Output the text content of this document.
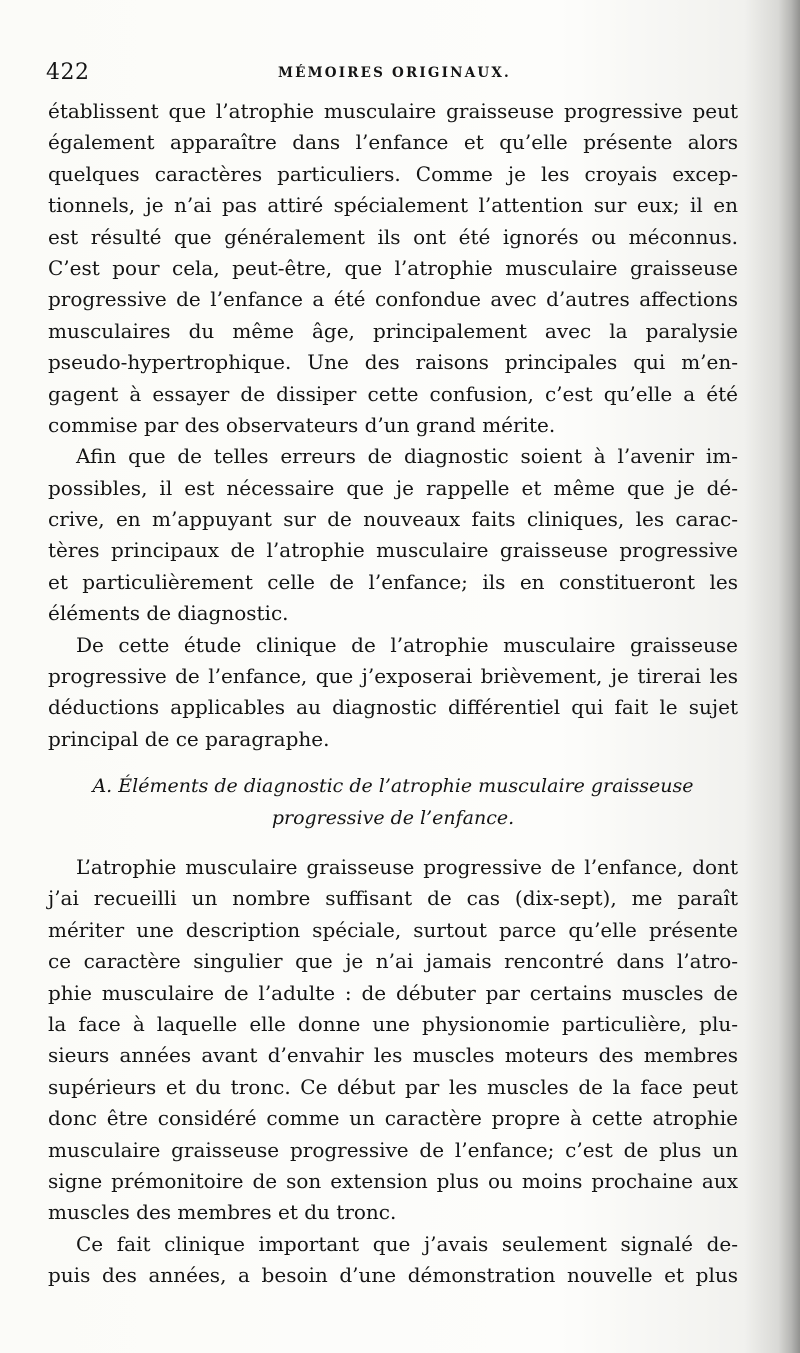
422	MÉMOIRES ORIGINAUX.
établissent que l’atrophie musculaire graisseuse progressive peut
également apparaître dans l’enfance et qu’elle présente alors
quelques caractères particuliers. Comme je les croyais excep-
tionnels, je n’ai pas attiré spécialement l’attention sur eux; il en
est résulté que généralement ils ont été ignorés ou méconnus.
C’est pour cela, peut-être, que l’atrophie musculaire graisseuse
progressive de l’enfance a été confondue avec d’autres affections
musculaires du même âge, principalement avec la paralysie
pseudo-hypertrophique. Une des raisons principales qui m’en-
gagent à essayer de dissiper cette confusion, c’est qu’elle a été
commise par des observateurs d’un grand mérite.
Afin que de telles erreurs de diagnostic soient à l’avenir im-
possibles, il est nécessaire que je rappelle et même que je dé-
crive, en m’appuyant sur de nouveaux faits cliniques, les carac-
tères principaux de l’atrophie musculaire graisseuse progressive
et particulièrement celle de l’enfance; ils en constitueront les
éléments de diagnostic.
De cette étude clinique de l’atrophie musculaire graisseuse
progressive de l’enfance, que j’exposerai brièvement, je tirerai les
déductions applicables au diagnostic différentiel qui fait le sujet
principal de ce paragraphe.
A. Éléments de diagnostic de l’atrophie musculaire graisseuse
progressive de l’enfance.
L’atrophie musculaire graisseuse progressive de l’enfance, dont
j’ai recueilli un nombre suffisant de cas (dix-sept), me paraît
mériter une description spéciale, surtout parce qu’elle présente
ce caractère singulier que je n’ai jamais rencontré dans l’atro-
phie musculaire de l’adulte : de débuter par certains muscles de
la face à laquelle elle donne une physionomie particulière, plu-
sieurs années avant d’envahir les muscles moteurs des membres
supérieurs et du tronc. Ce début par les muscles de la face peut
donc être considéré comme un caractère propre à cette atrophie
musculaire graisseuse progressive de l’enfance; c’est de plus un
signe prémonitoire de son extension plus ou moins prochaine aux
muscles des membres et du tronc.
Ce fait clinique important que j’avais seulement signalé de-
puis des années, a besoin d’une démonstration nouvelle et plus
